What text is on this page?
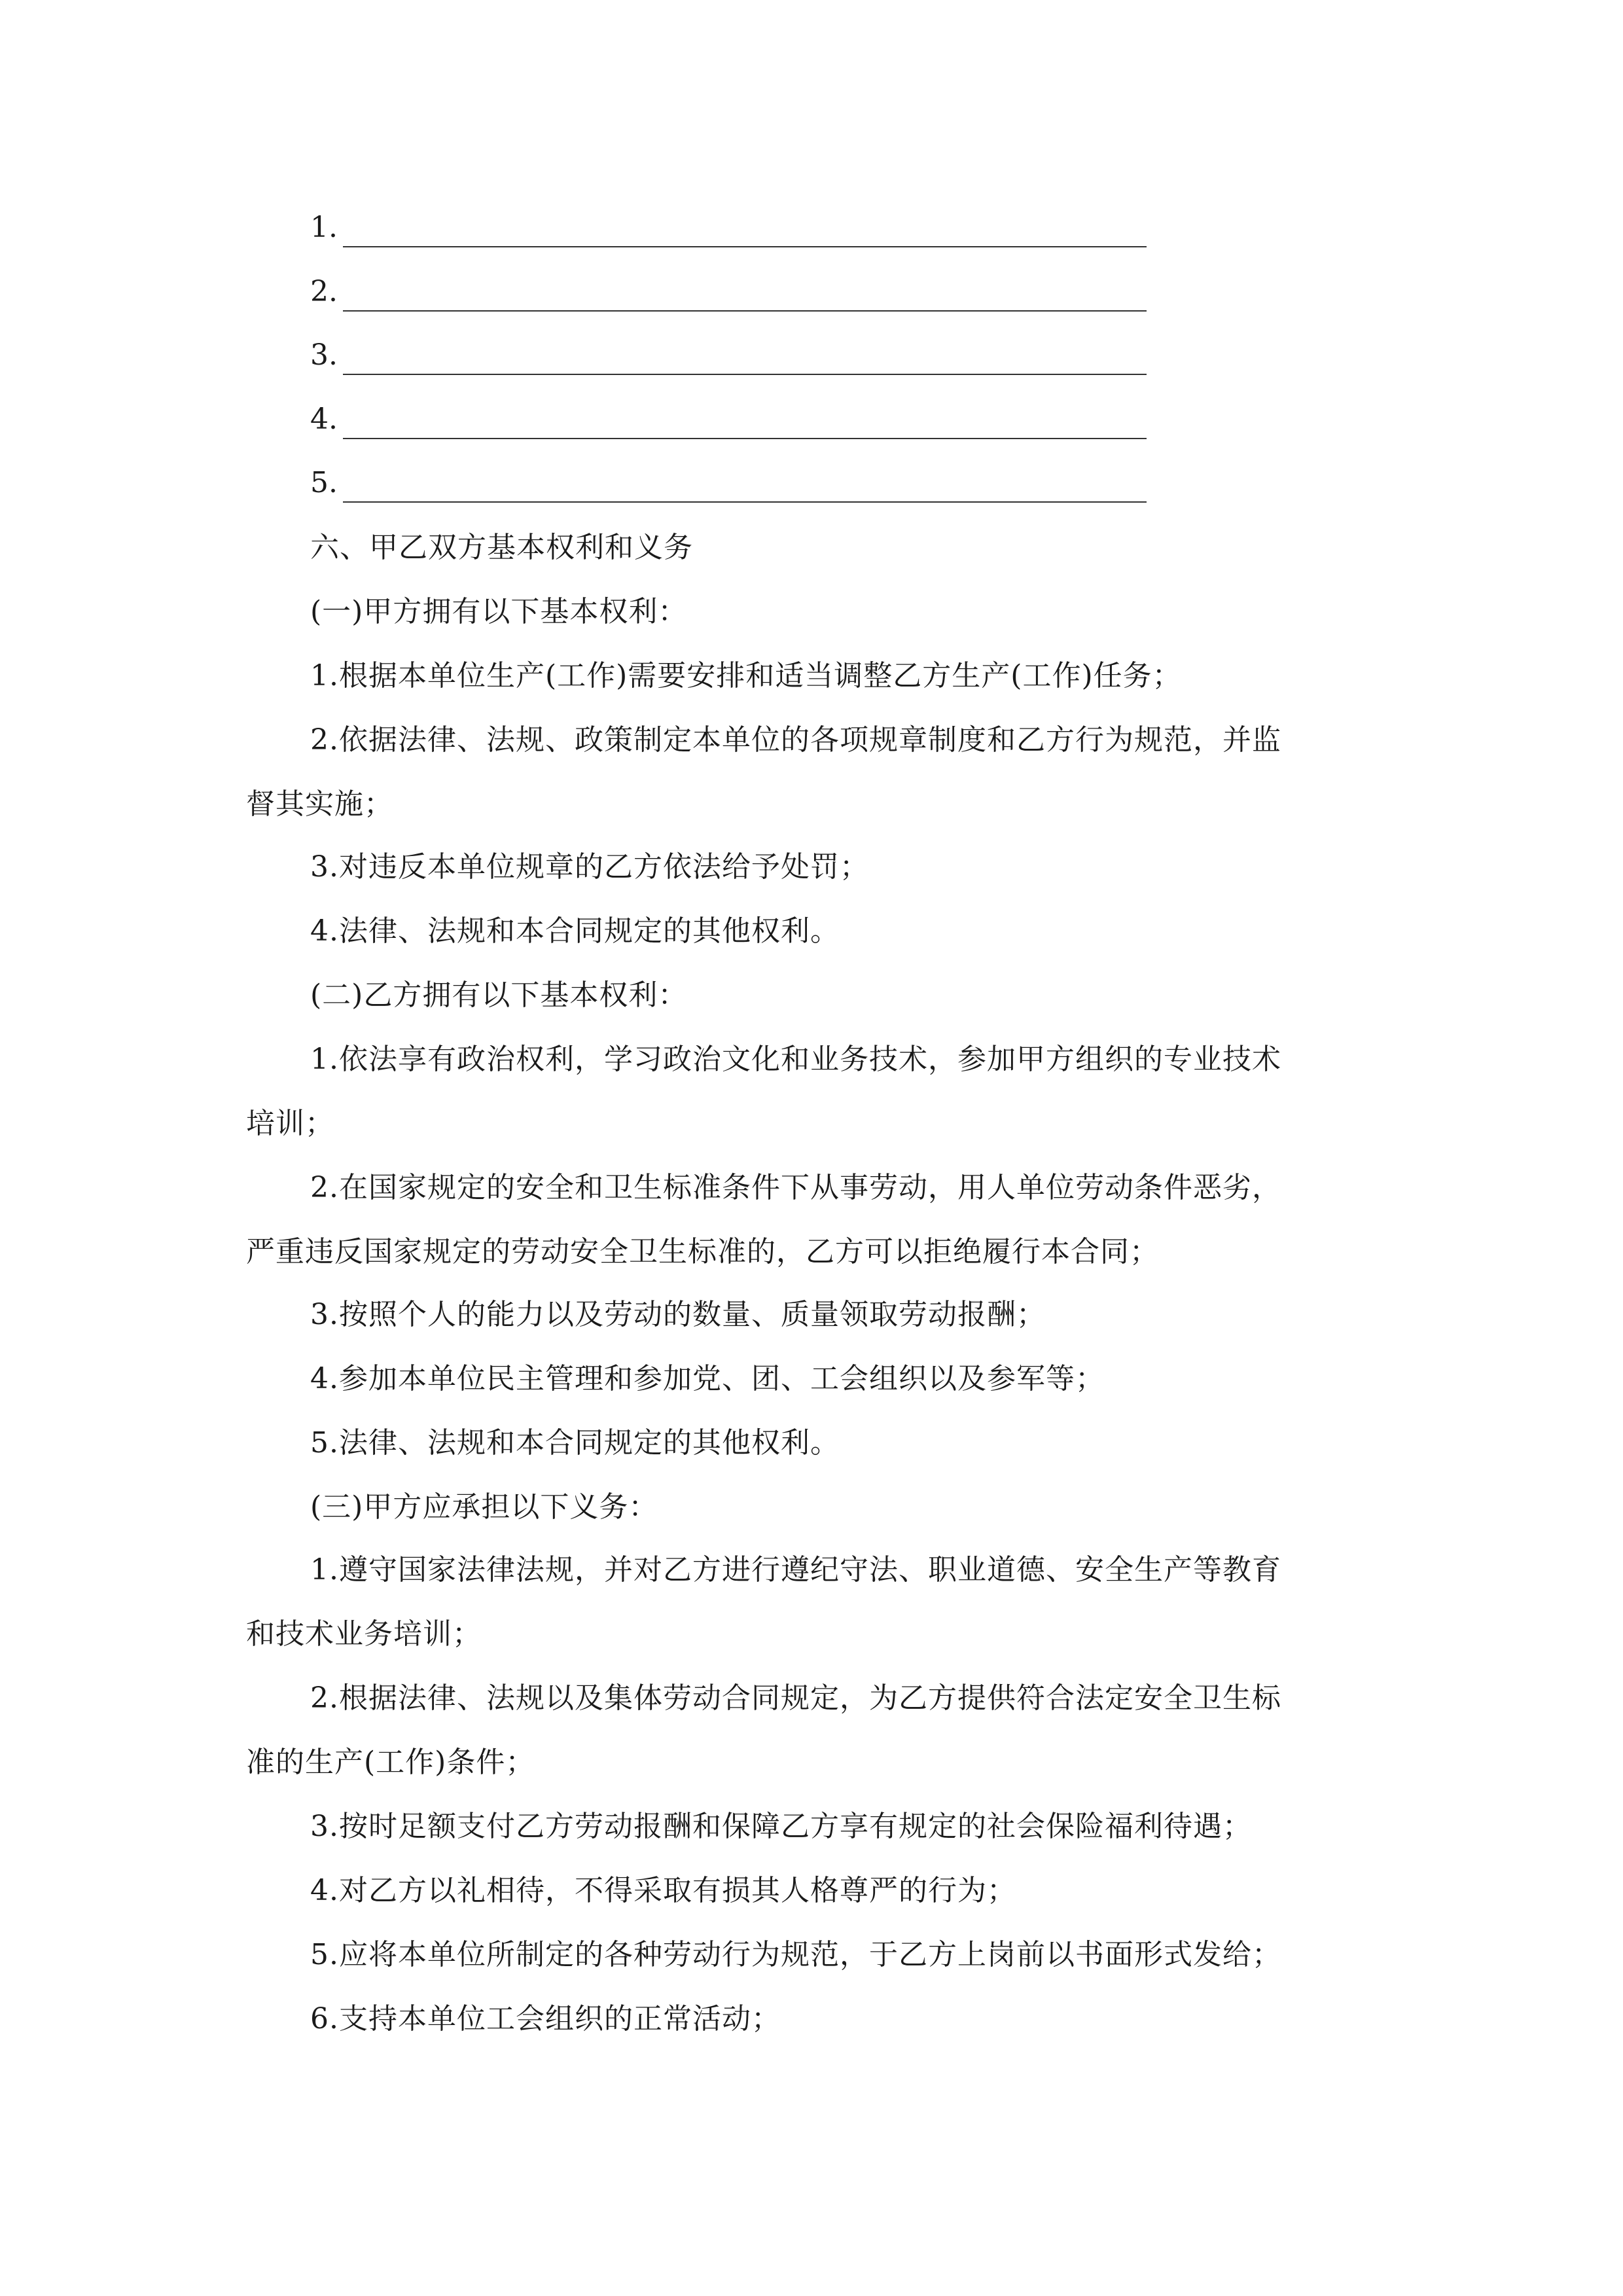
1.
2.
3.
4.
5.
六、甲乙双方基本权利和义务
(一)甲方拥有以下基本权利：
1.根据本单位生产(工作)需要安排和适当调整乙方生产(工作)任务；
2.依据法律、法规、政策制定本单位的各项规章制度和乙方行为规范，并监
督其实施；
3.对违反本单位规章的乙方依法给予处罚；
4.法律、法规和本合同规定的其他权利。
(二)乙方拥有以下基本权利：
1.依法享有政治权利，学习政治文化和业务技术，参加甲方组织的专业技术
培训；
2.在国家规定的安全和卫生标准条件下从事劳动，用人单位劳动条件恶劣，
严重违反国家规定的劳动安全卫生标准的，乙方可以拒绝履行本合同；
3.按照个人的能力以及劳动的数量、质量领取劳动报酬；
4.参加本单位民主管理和参加党、团、工会组织以及参军等；
5.法律、法规和本合同规定的其他权利。
(三)甲方应承担以下义务：
1.遵守国家法律法规，并对乙方进行遵纪守法、职业道德、安全生产等教育
和技术业务培训；
2.根据法律、法规以及集体劳动合同规定，为乙方提供符合法定安全卫生标
准的生产(工作)条件；
3.按时足额支付乙方劳动报酬和保障乙方享有规定的社会保险福利待遇；
4.对乙方以礼相待，不得采取有损其人格尊严的行为；
5.应将本单位所制定的各种劳动行为规范，于乙方上岗前以书面形式发给；
6.支持本单位工会组织的正常活动；
